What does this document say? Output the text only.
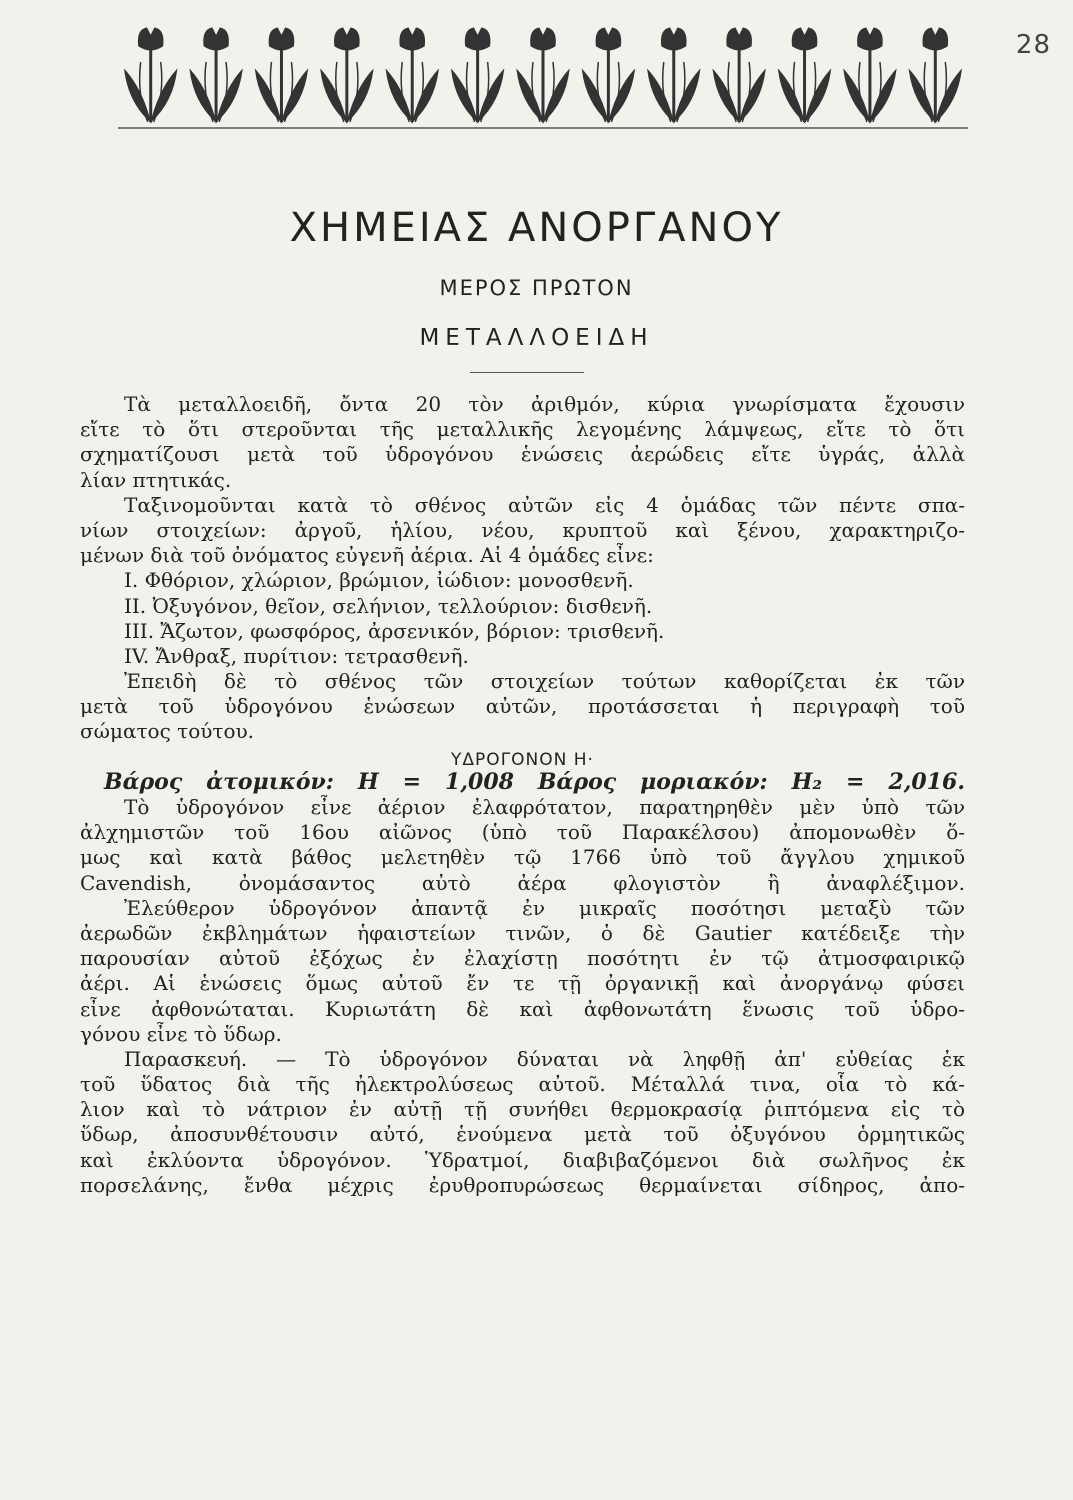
28
ΧΗΜΕΙΑΣ ΑΝΟΡΓΑΝΟΥ
ΜΕΡΟΣ ΠΡΩΤΟΝ
ΜΕΤΑΛΛΟΕΙΔΗ
Τὰ μεταλλοειδῆ, ὄντα 20 τὸν ἀριθμόν, κύρια γνωρίσματα ἔχουσιν
εἴτε τὸ ὅτι στεροῦνται τῆς μεταλλικῆς λεγομένης λάμψεως, εἴτε τὸ ὅτι
σχηματίζουσι μετὰ τοῦ ὑδρογόνου ἑνώσεις ἀερώδεις εἴτε ὑγράς, ἀλλὰ
λίαν πτητικάς.
Ταξινομοῦνται κατὰ τὸ σθένος αὐτῶν εἰς 4 ὁμάδας τῶν πέντε σπα-
νίων στοιχείων: ἀργοῦ, ἡλίου, νέου, κρυπτοῦ καὶ ξένου, χαρακτηριζο-
μένων διὰ τοῦ ὀνόματος εὐγενῆ ἀέρια. Αἱ 4 ὁμάδες εἶνε:
I. Φθόριον, χλώριον, βρώμιον, ἰώδιον: μονοσθενῆ.
II. Ὀξυγόνον, θεῖον, σελήνιον, τελλούριον: δισθενῆ.
III. Ἄζωτον, φωσφόρος, ἀρσενικόν, βόριον: τρισθενῆ.
IV. Ἄνθραξ, πυρίτιον: τετρασθενῆ.
Ἐπειδὴ δὲ τὸ σθένος τῶν στοιχείων τούτων καθορίζεται ἐκ τῶν
μετὰ τοῦ ὑδρογόνου ἑνώσεων αὐτῶν, προτάσσεται ἡ περιγραφὴ τοῦ
σώματος τούτου.
ΥΔΡΟΓΟΝΟΝ Η·
Βάρος ἀτομικόν: H = 1,008 Βάρος μοριακόν: H₂ = 2,016.
Τὸ ὑδρογόνον εἶνε ἀέριον ἐλαφρότατον, παρατηρηθὲν μὲν ὑπὸ τῶν
ἀλχημιστῶν τοῦ 16ου αἰῶνος (ὑπὸ τοῦ Παρακέλσου) ἀπομονωθὲν ὅ-
μως καὶ κατὰ βάθος μελετηθὲν τῷ 1766 ὑπὸ τοῦ ἄγγλου χημικοῦ
Cavendish, ὀνομάσαντος αὐτὸ ἀέρα φλογιστὸν ἢ ἀναφλέξιμον.
Ἐλεύθερον ὑδρογόνον ἀπαντᾷ ἐν μικραῖς ποσότησι μεταξὺ τῶν
ἀερωδῶν ἐκβλημάτων ἡφαιστείων τινῶν, ὁ δὲ Gautier κατέδειξε τὴν
παρουσίαν αὐτοῦ ἐξόχως ἐν ἐλαχίστῃ ποσότητι ἐν τῷ ἀτμοσφαιρικῷ
ἀέρι. Αἱ ἑνώσεις ὅμως αὐτοῦ ἔν τε τῇ ὀργανικῇ καὶ ἀνοργάνῳ φύσει
εἶνε ἀφθονώταται. Κυριωτάτη δὲ καὶ ἀφθονωτάτη ἕνωσις τοῦ ὑδρο-
γόνου εἶνε τὸ ὕδωρ.
Παρασκευή. — Τὸ ὑδρογόνον δύναται νὰ ληφθῇ ἀπ' εὐθείας ἐκ
τοῦ ὕδατος διὰ τῆς ἠλεκτρολύσεως αὐτοῦ. Μέταλλά τινα, οἷα τὸ κά-
λιον καὶ τὸ νάτριον ἐν αὐτῇ τῇ συνήθει θερμοκρασίᾳ ῥιπτόμενα εἰς τὸ
ὕδωρ, ἀποσυνθέτουσιν αὐτό, ἑνούμενα μετὰ τοῦ ὀξυγόνου ὁρμητικῶς
καὶ ἐκλύοντα ὑδρογόνον. Ὑδρατμοί, διαβιβαζόμενοι διὰ σωλῆνος ἐκ
πορσελάνης, ἔνθα μέχρις ἐρυθροπυρώσεως θερμαίνεται σίδηρος, ἀπο-
